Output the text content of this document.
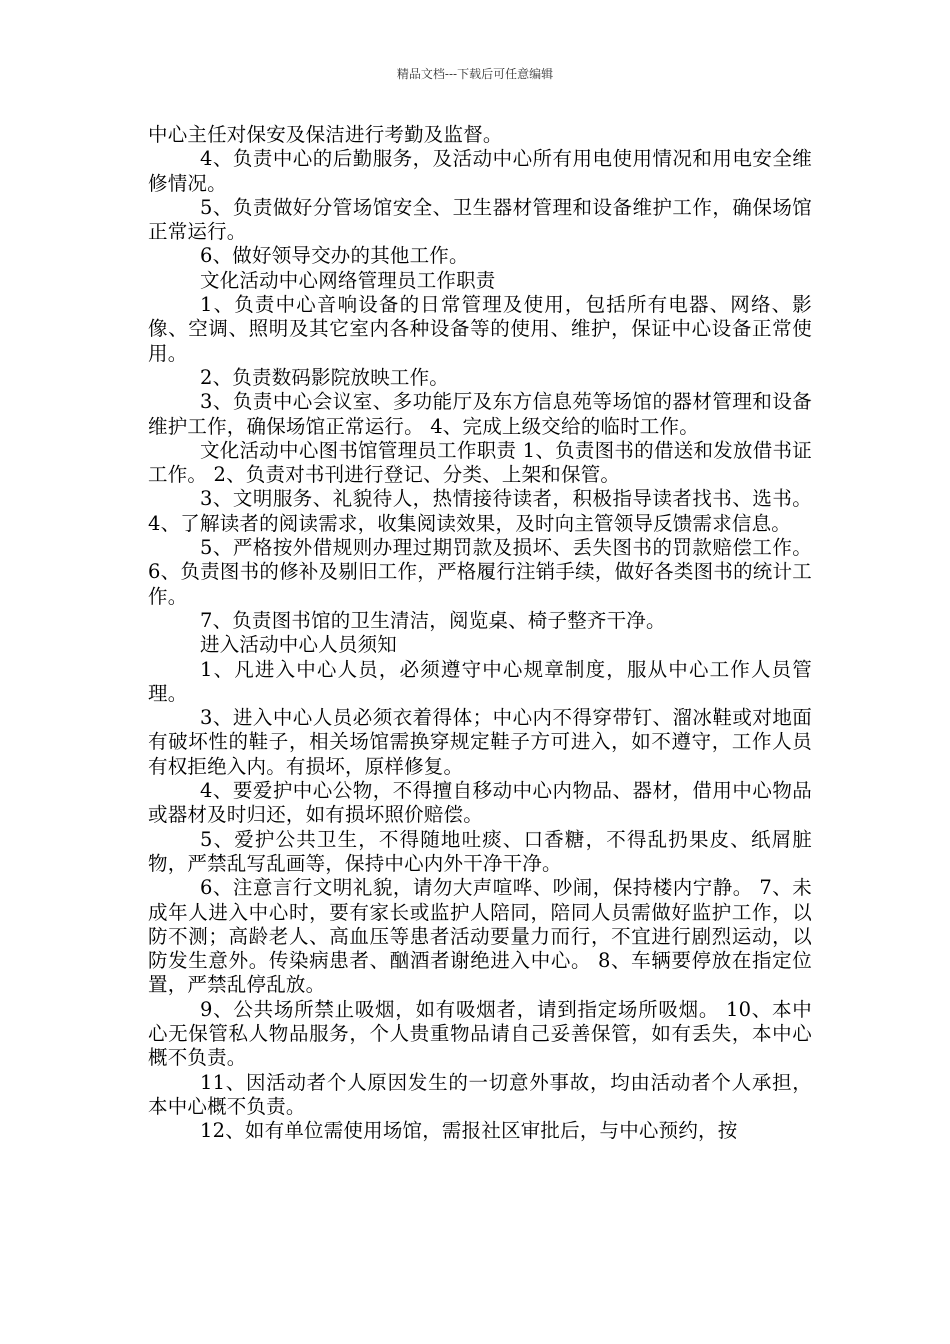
精品文档---下载后可任意编辑

中心主任对保安及保洁进行考勤及监督。

4、负责中心的后勤服务，及活动中心所有用电使用情况和用电安全维修情况。

5、负责做好分管场馆安全、卫生器材管理和设备维护工作，确保场馆正常运行。

6、做好领导交办的其他工作。

文化活动中心网络管理员工作职责

1、负责中心音响设备的日常管理及使用，包括所有电器、网络、影像、空调、照明及其它室内各种设备等的使用、维护，保证中心设备正常使用。

2、负责数码影院放映工作。

3、负责中心会议室、多功能厅及东方信息苑等场馆的器材管理和设备维护工作，确保场馆正常运行。 4、完成上级交给的临时工作。

文化活动中心图书馆管理员工作职责 1、负责图书的借送和发放借书证工作。 2、负责对书刊进行登记、分类、上架和保管。

3、文明服务、礼貌待人，热情接待读者，积极指导读者找书、选书。 4、了解读者的阅读需求，收集阅读效果，及时向主管领导反馈需求信息。

5、严格按外借规则办理过期罚款及损坏、丢失图书的罚款赔偿工作。 6、负责图书的修补及剔旧工作，严格履行注销手续，做好各类图书的统计工作。

7、负责图书馆的卫生清洁，阅览桌、椅子整齐干净。

进入活动中心人员须知

1、凡进入中心人员，必须遵守中心规章制度，服从中心工作人员管理。

3、进入中心人员必须衣着得体；中心内不得穿带钉、溜冰鞋或对地面有破坏性的鞋子，相关场馆需换穿规定鞋子方可进入，如不遵守，工作人员有权拒绝入内。有损坏，原样修复。

4、要爱护中心公物，不得擅自移动中心内物品、器材，借用中心物品或器材及时归还，如有损坏照价赔偿。

5、爱护公共卫生，不得随地吐痰、口香糖，不得乱扔果皮、纸屑脏物，严禁乱写乱画等，保持中心内外干净干净。

6、注意言行文明礼貌，请勿大声喧哗、吵闹，保持楼内宁静。 7、未成年人进入中心时，要有家长或监护人陪同，陪同人员需做好监护工作，以防不测；高龄老人、高血压等患者活动要量力而行，不宜进行剧烈运动，以防发生意外。传染病患者、酗酒者谢绝进入中心。 8、车辆要停放在指定位置，严禁乱停乱放。

9、公共场所禁止吸烟，如有吸烟者，请到指定场所吸烟。 10、本中心无保管私人物品服务，个人贵重物品请自己妥善保管，如有丢失，本中心概不负责。

11、因活动者个人原因发生的一切意外事故，均由活动者个人承担，本中心概不负责。

12、如有单位需使用场馆，需报社区审批后，与中心预约，按
